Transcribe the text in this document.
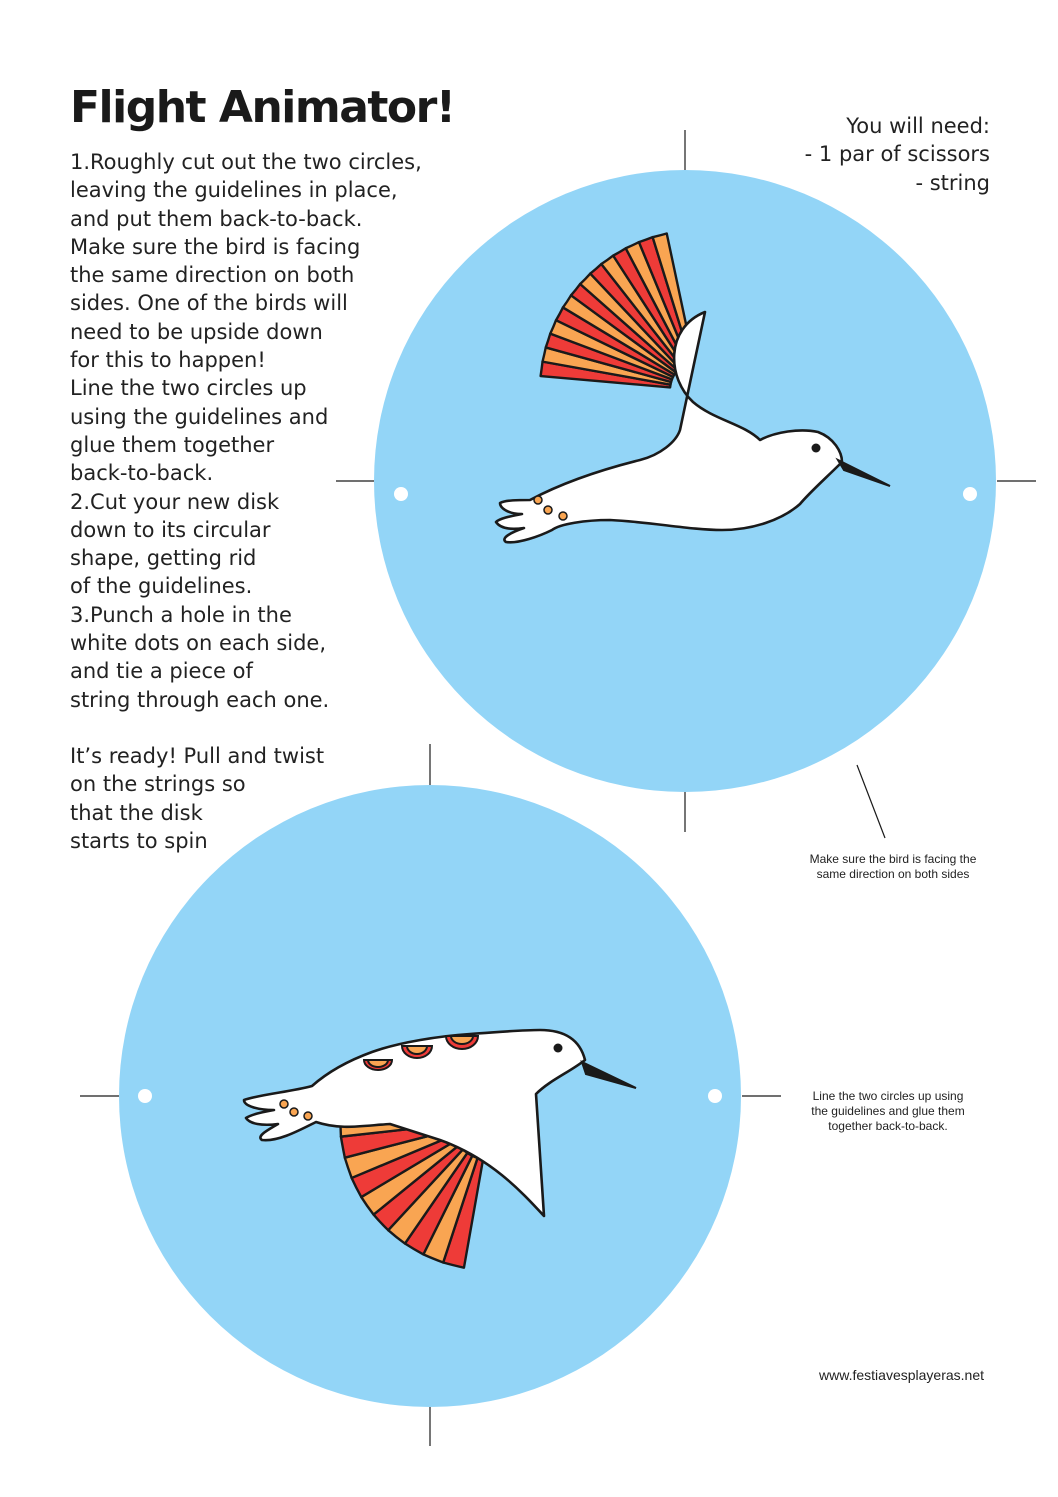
Flight Animator!
1.Roughly cut out the two circles,
leaving the guidelines in place,
and put them back-to-back.
Make sure the bird is facing
the same direction on both
sides. One of the birds will
need to be upside down
for this to happen!
Line the two circles up
using the guidelines and
glue them together
back-to-back.
2.Cut your new disk
down to its circular
shape, getting rid
of the guidelines.
3.Punch a hole in the
white dots on each side,
and tie a piece of
string through each one.
It’s ready! Pull and twist
on the strings so
that the disk
starts to spin
You will need:
- 1 par of scissors
- string
Make sure the bird is facing the
same direction on both sides
Line the two circles up using
the guidelines and glue them
together back-to-back.
www.festiavesplayeras.net
